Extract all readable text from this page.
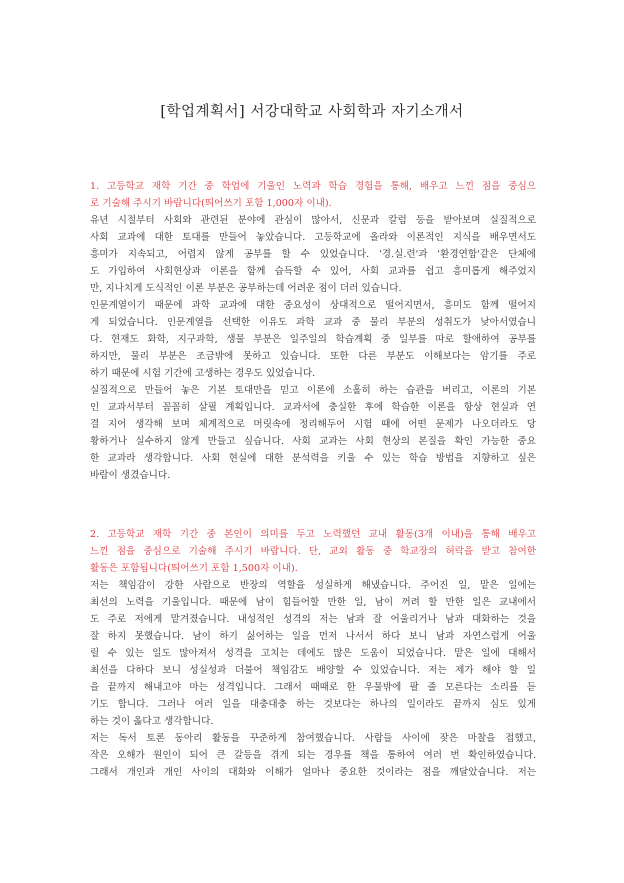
[학업계획서] 서강대학교 사회학과 자기소개서
1. 고등학교 재학 기간 중 학업에 기울인 노력과 학습 경험을 통해, 배우고 느낀 점을 중심으
로 기술해 주시기 바랍니다(띄어쓰기 포함 1,000자 이내).
유년 시절부터 사회와 관련된 분야에 관심이 많아서, 신문과 칼럼 등을 받아보며 실질적으로
사회 교과에 대한 토대를 만들어 놓았습니다. 고등학교에 올라와 이론적인 지식을 배우면서도
흥미가 지속되고, 어렵지 않게 공부를 할 수 있었습니다. '경.실.련'과 '환경연합'같은 단체에
도 가입하여 사회현상과 이론을 함께 습득할 수 있어, 사회 교과를 쉽고 흥미롭게 해주었지
만, 지나치게 도식적인 이론 부분은 공부하는데 어려운 점이 더러 있습니다.
인문계열이기 때문에 과학 교과에 대한 중요성이 상대적으로 떨어지면서, 흥미도 함께 떨어지
게 되었습니다. 인문계열을 선택한 이유도 과학 교과 중 물리 부분의 성취도가 낮아서였습니
다. 현재도 화학, 지구과학, 생물 부분은 일주일의 학습계획 중 일부를 따로 할애하여 공부를
하지만, 물리 부분은 조금밖에 못하고 있습니다. 또한 다른 부분도 이해보다는 암기를 주로
하기 때문에 시험 기간에 고생하는 경우도 있었습니다.
실질적으로 만들어 놓은 기본 토대만을 믿고 이론에 소홀히 하는 습관을 버리고, 이론의 기본
인 교과서부터 꼼꼼히 살필 계획입니다. 교과서에 충실한 후에 학습한 이론을 항상 현실과 연
결 지어 생각해 보며 체계적으로 머릿속에 정리해두어 시험 때에 어떤 문제가 나오더라도 당
황하거나 실수하지 않게 만들고 싶습니다. 사회 교과는 사회 현상의 본질을 확인 가능한 중요
한 교과라 생각합니다. 사회 현실에 대한 분석력을 키울 수 있는 학습 방법을 지향하고 싶은
바람이 생겼습니다.
2. 고등학교 재학 기간 중 본인이 의미를 두고 노력했던 교내 활동(3개 이내)을 통해 배우고
느낀 점을 중심으로 기술해 주시기 바랍니다. 단, 교외 활동 중 학교장의 허락을 받고 참여한
활동은 포함됩니다(띄어쓰기 포함 1,500자 이내).
저는 책임감이 강한 사람으로 반장의 역할을 성실하게 해냈습니다. 주어진 일, 맡은 일에는
최선의 노력을 기울입니다. 때문에 남이 힘들어할 만한 일, 남이 꺼려 할 만한 일은 교내에서
도 주로 저에게 맡겨졌습니다. 내성적인 성격의 저는 남과 잘 어울리거나 남과 대화하는 것을
잘 하지 못했습니다. 남이 하기 싫어하는 일을 먼저 나서서 하다 보니 남과 자연스럽게 어울
릴 수 있는 일도 많아져서 성격을 고치는 데에도 많은 도움이 되었습니다. 맡은 일에 대해서
최선을 다하다 보니 성실성과 더불어 책임감도 배양할 수 있었습니다. 저는 제가 해야 할 일
을 끝까지 해내고야 마는 성격입니다. 그래서 때때로 한 우물밖에 팔 줄 모른다는 소리를 듣
기도 합니다. 그러나 여러 일을 대충대충 하는 것보다는 하나의 일이라도 끝까지 심도 있게
하는 것이 옳다고 생각합니다.
저는 독서 토론 동아리 활동을 꾸준하게 참여했습니다. 사람들 사이에 잦은 마찰을 접했고,
작은 오해가 원인이 되어 큰 갈등을 겪게 되는 경우를 책을 통하여 여러 번 확인하였습니다.
그래서 개인과 개인 사이의 대화와 이해가 얼마나 중요한 것이라는 점을 깨달았습니다. 저는
